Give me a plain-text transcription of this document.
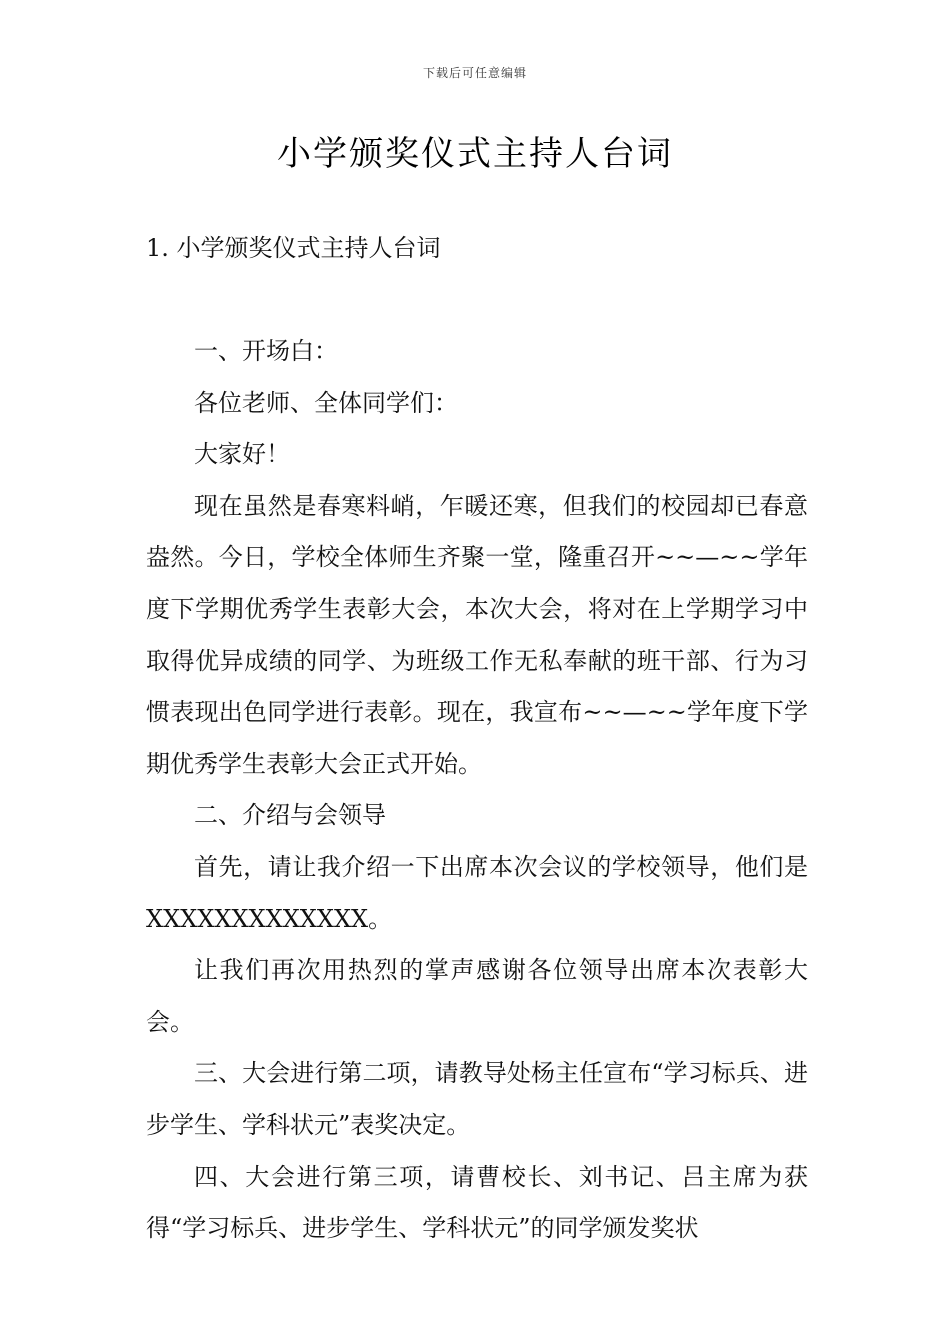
下载后可任意编辑
小学颁奖仪式主持人台词
1. 小学颁奖仪式主持人台词

一、开场白：

各位老师、全体同学们：

大家好！

现在虽然是春寒料峭，乍暖还寒，但我们的校园却已春意盎然。今日，学校全体师生齐聚一堂，隆重召开~~—~~学年度下学期优秀学生表彰大会，本次大会，将对在上学期学习中取得优异成绩的同学、为班级工作无私奉献的班干部、行为习惯表现出色同学进行表彰。现在，我宣布~~—~~学年度下学期优秀学生表彰大会正式开始。

二、介绍与会领导

首先，请让我介绍一下出席本次会议的学校领导，他们是XXXXXXXXXXXXX。

让我们再次用热烈的掌声感谢各位领导出席本次表彰大会。

三、大会进行第二项，请教导处杨主任宣布“学习标兵、进步学生、学科状元”表奖决定。

四、大会进行第三项，请曹校长、刘书记、吕主席为获得“学习标兵、进步学生、学科状元”的同学颁发奖状
